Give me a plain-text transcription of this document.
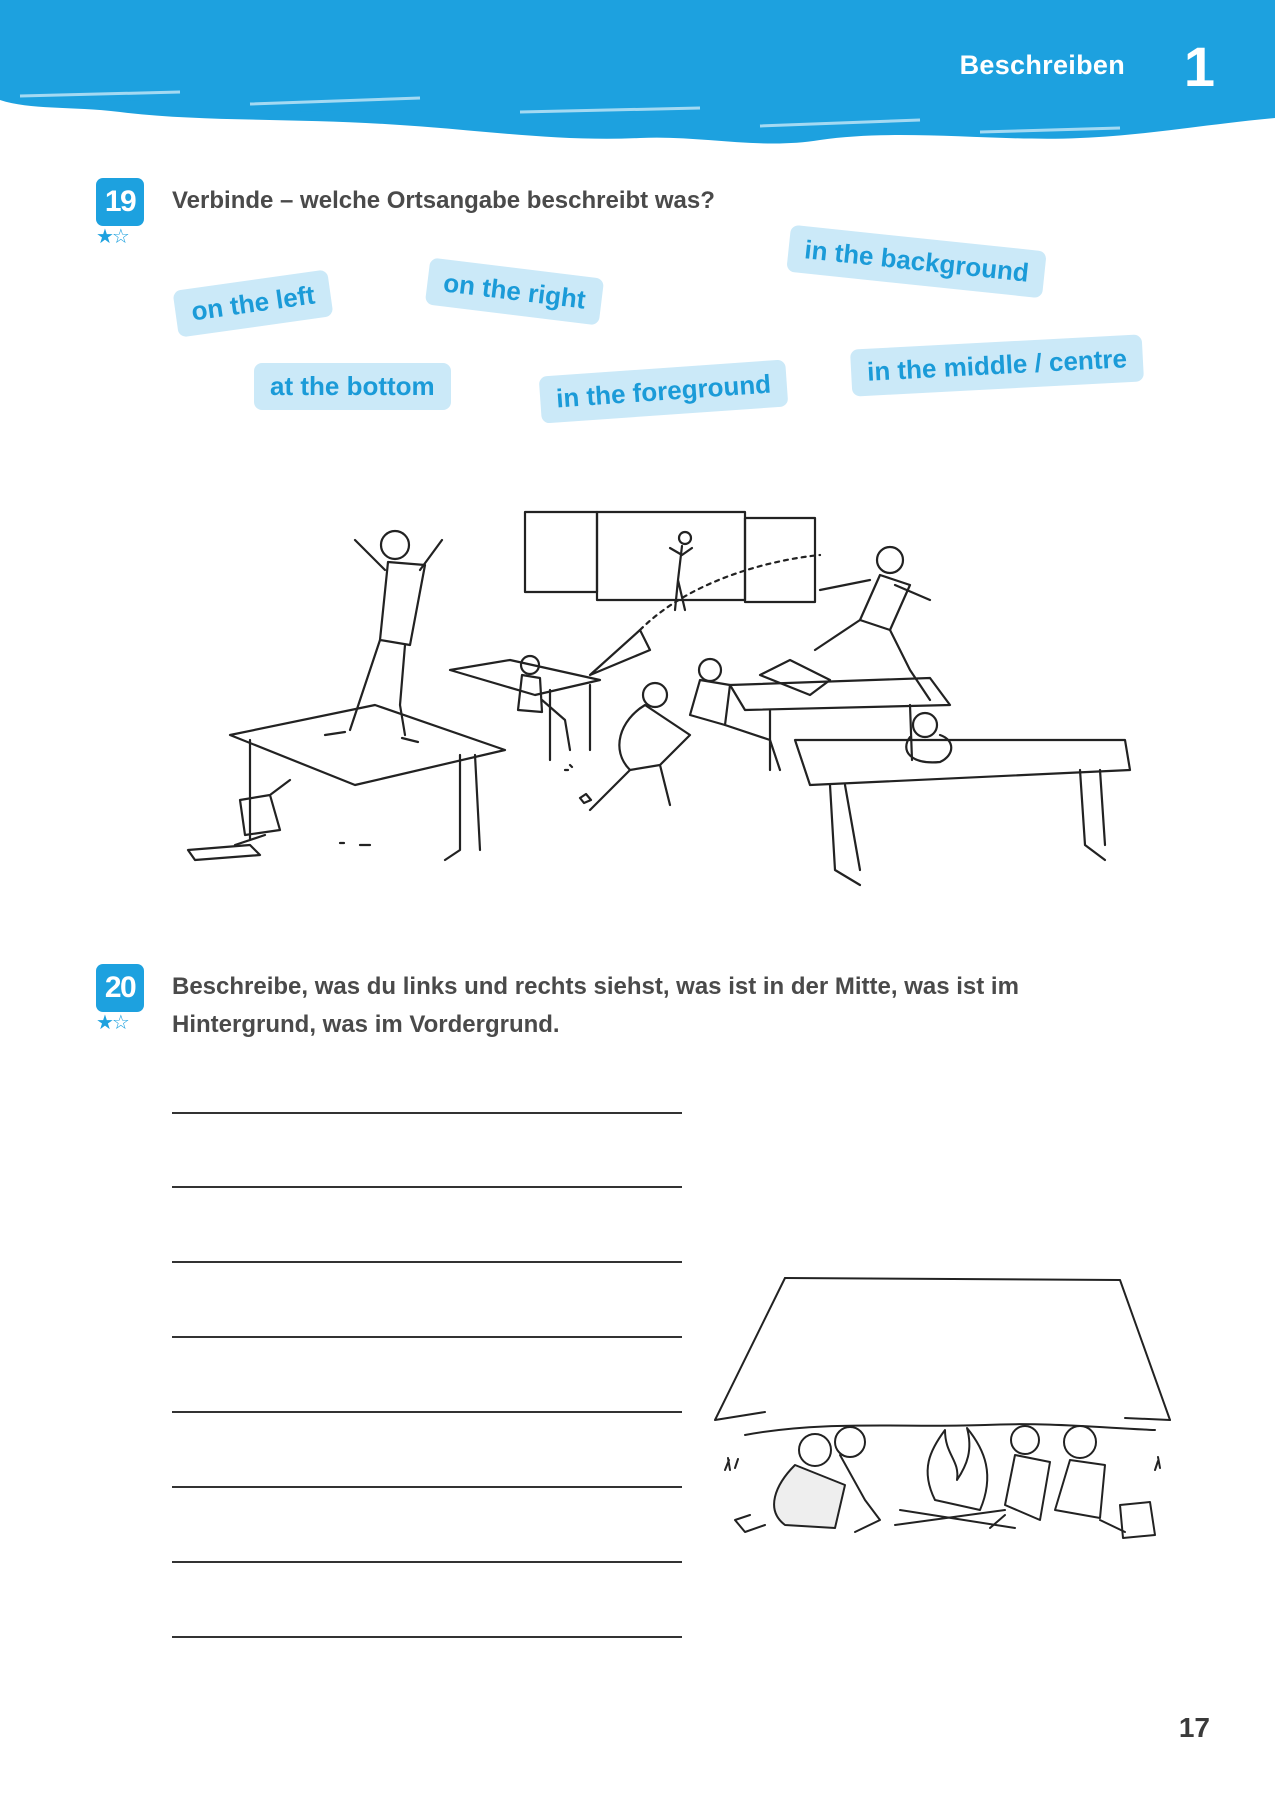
Beschreiben 1
19
★☆
Verbinde – welche Ortsangabe beschreibt was?
on the left	on the right
in the background
at the bottom	in the foreground
in the middle / centre
20
★☆
Beschreibe, was du links und rechts siehst, was ist in der Mitte, was ist im
Hintergrund, was im Vordergrund.
17
